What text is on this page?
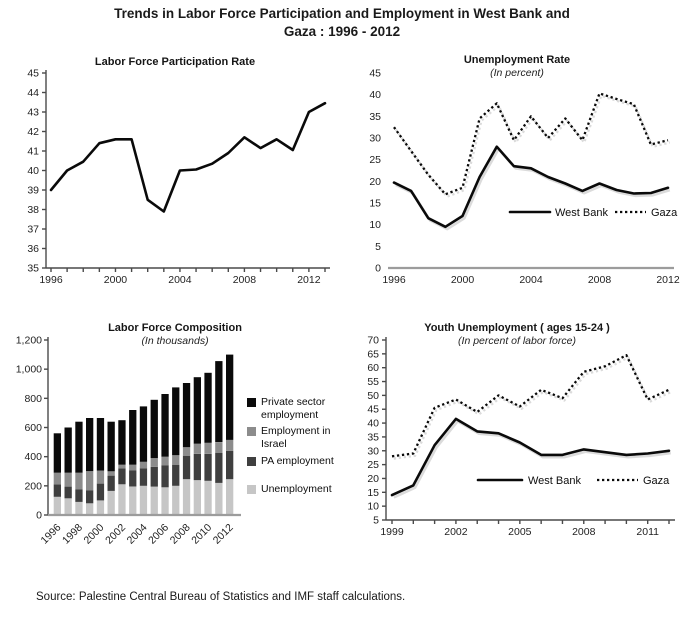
Trends in Labor Force Participation and Employment in West Bank and
Gaza : 1996 - 2012
Labor Force Participation Rate
35
36
37
38
39
40
41
42
43
44
45
1996	2000	2004	2008	2012
Unemployment Rate
(In percent)
0
5
10
15
20
25
30
35
40
45
1996	2000	2004	2008	2012
West Bank	Gaza
Labor Force Composition
(In thousands)
0
200
400
600
800
1,000
1,200
1996
1998
2000
2002
2004
2006
2008
2010
2012
Private sector employment
Employment in Israel
PA employment
Unemployment
Youth Unemployment ( ages 15-24 )
(In percent of labor force)
5
10
15
20
25
30
35
40
45
50
55
60
65
70
1999	2002	2005	2008	2011
West Bank	Gaza
Source: Palestine Central Bureau of Statistics and IMF staff calculations.
